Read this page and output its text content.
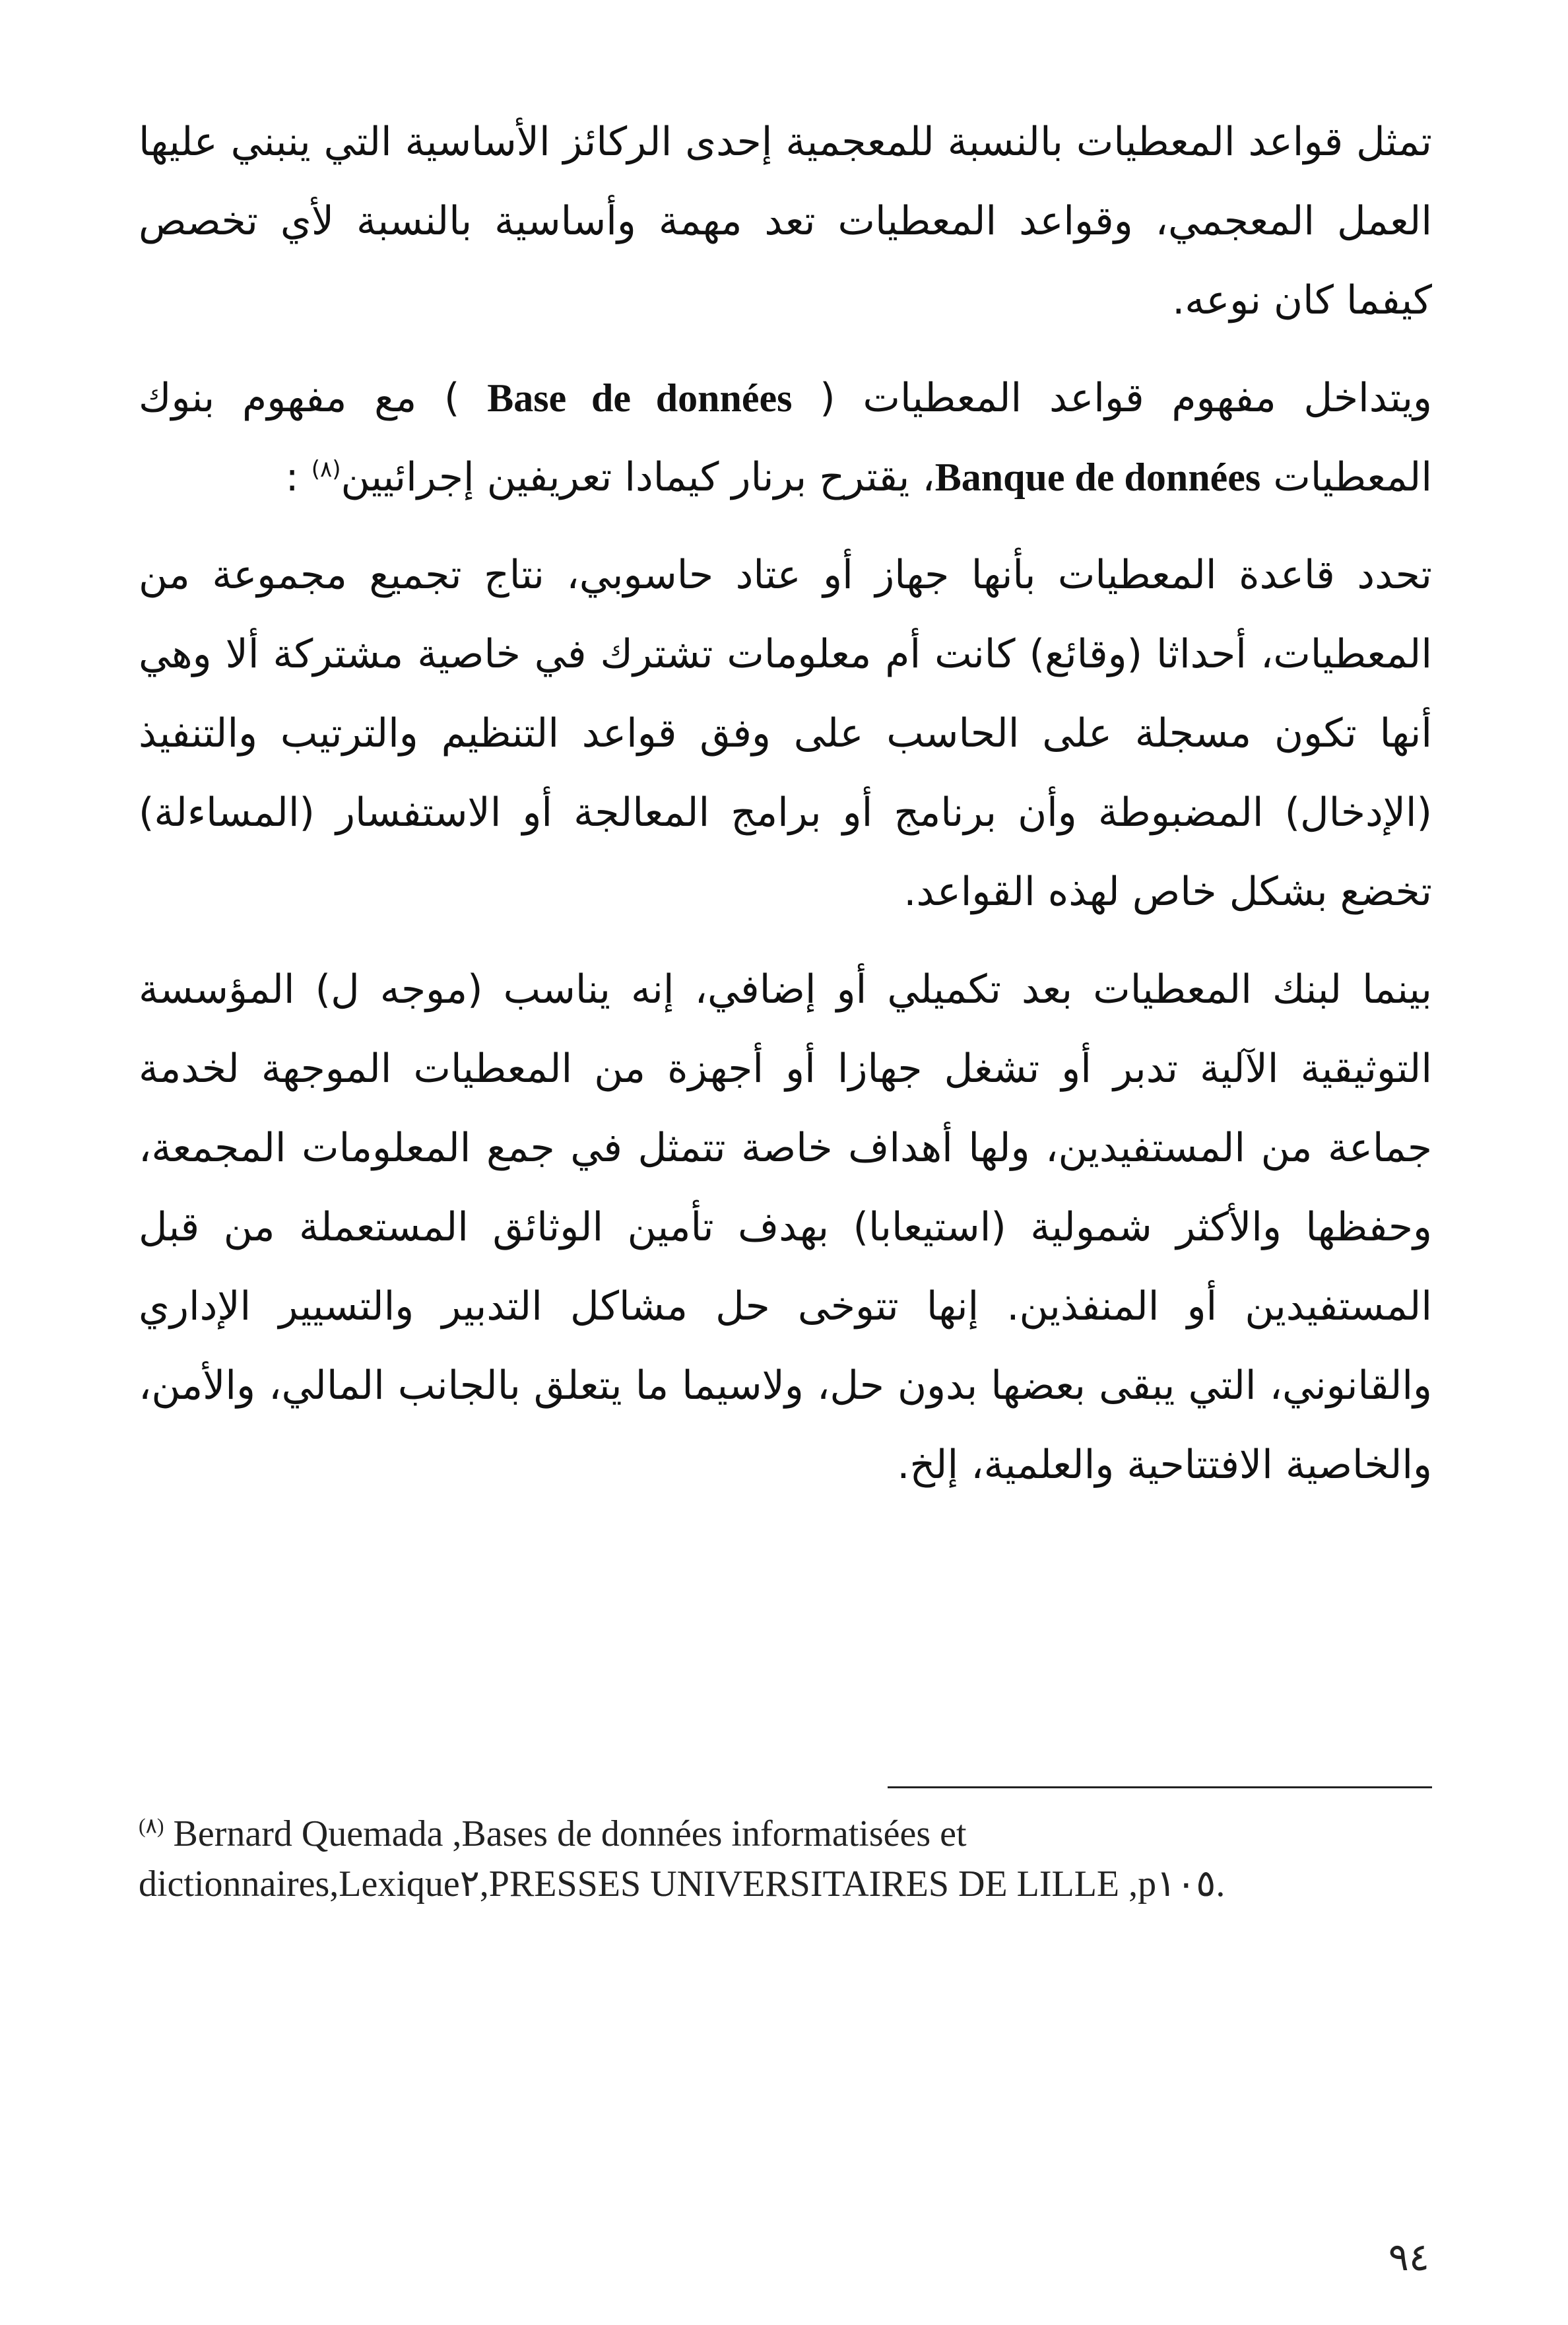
تمثل قواعد المعطيات بالنسبة للمعجمية إحدى الركائز الأساسية التي ينبني عليها العمل المعجمي، وقواعد المعطيات تعد مهمة وأساسية بالنسبة لأي تخصص كيفما كان نوعه.

ويتداخل مفهوم قواعد المعطيات ( Base de données ) مع مفهوم بنوك المعطيات Banque de données، يقترح برنار كيمادا تعريفين إجرائيين$^{(٨)}$ :

تحدد قاعدة المعطيات بأنها جهاز أو عتاد حاسوبي، نتاج تجميع مجموعة من المعطيات، أحداثا (وقائع) كانت أم معلومات تشترك في خاصية مشتركة ألا وهي أنها تكون مسجلة على الحاسب على وفق قواعد التنظيم والترتيب والتنفيذ (الإدخال) المضبوطة وأن برنامج أو برامج المعالجة أو الاستفسار (المساءلة) تخضع بشكل خاص لهذه القواعد.

بينما لبنك المعطيات بعد تكميلي أو إضافي، إنه يناسب (موجه ل) المؤسسة التوثيقية الآلية تدبر أو تشغل جهازا أو أجهزة من المعطيات الموجهة لخدمة جماعة من المستفيدين، ولها أهداف خاصة تتمثل في جمع المعلومات المجمعة، وحفظها والأكثر شمولية (استيعابا) بهدف تأمين الوثائق المستعملة من قبل المستفيدين أو المنفذين. إنها تتوخى حل مشاكل التدبير والتسيير الإداري والقانوني، التي يبقى بعضها بدون حل، ولاسيما ما يتعلق بالجانب المالي، والأمن، والخاصية الافتتاحية والعلمية، إلخ.

$^{(٨)}$ Bernard Quemada ,Bases de données informatisées et dictionnaires,Lexique٢,PRESSES UNIVERSITAIRES DE LILLE ,p١٠٥.
٩٤
